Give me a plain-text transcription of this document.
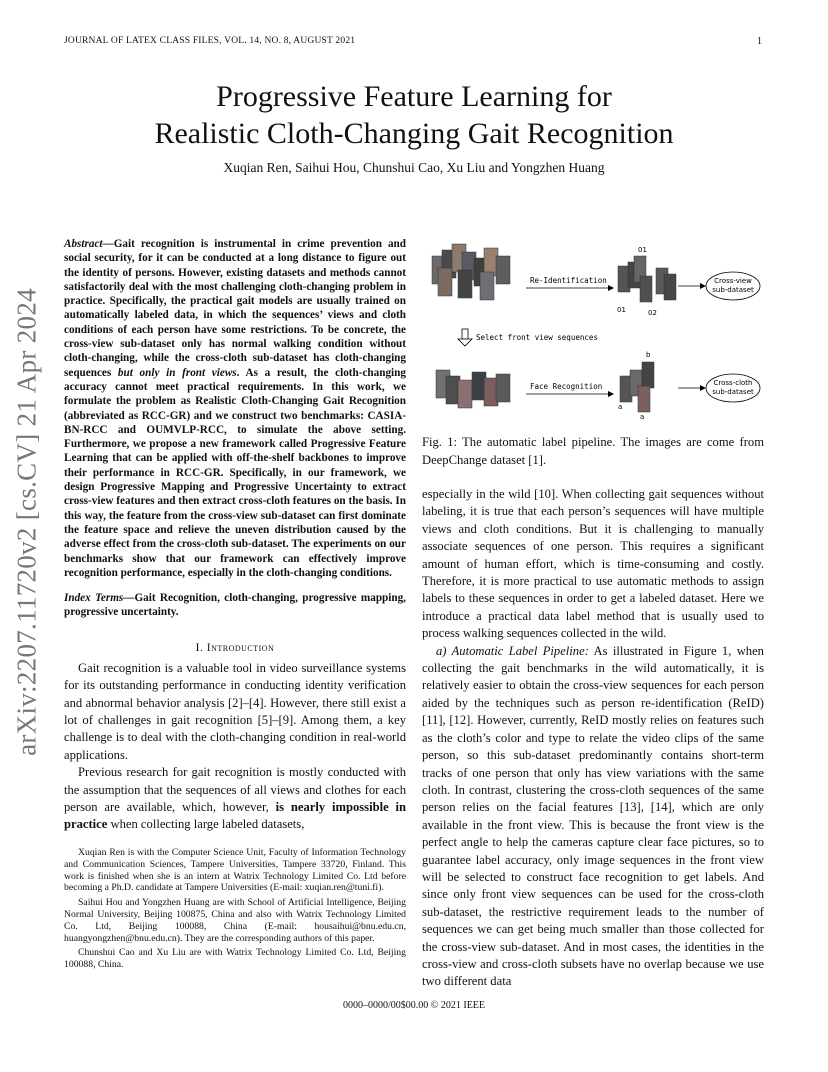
JOURNAL OF LATEX CLASS FILES, VOL. 14, NO. 8, AUGUST 2021	1
arXiv:2207.11720v2 [cs.CV] 21 Apr 2024
Progressive Feature Learning for
Realistic Cloth-Changing Gait Recognition
Xuqian Ren, Saihui Hou, Chunshui Cao, Xu Liu and Yongzhen Huang

Abstract—Gait recognition is instrumental in crime prevention and social security, for it can be conducted at a long distance to figure out the identity of persons. However, existing datasets and methods cannot satisfactorily deal with the most challenging cloth-changing problem in practice. Specifically, the practical gait models are usually trained on automatically labeled data, in which the sequences’ views and cloth conditions of each person have some restrictions. To be concrete, the cross-view sub-dataset only has normal walking condition without cloth-changing, while the cross-cloth sub-dataset has cloth-changing sequences but only in front views. As a result, the cloth-changing accuracy cannot meet practical requirements. In this work, we formulate the problem as Realistic Cloth-Changing Gait Recognition (abbreviated as RCC-GR) and we construct two benchmarks: CASIA-BN-RCC and OUMVLP-RCC, to simulate the above setting. Furthermore, we propose a new framework called Progressive Feature Learning that can be applied with off-the-shelf backbones to improve their performance in RCC-GR. Specifically, in our framework, we design Progressive Mapping and Progressive Uncertainty to extract cross-view features and then extract cross-cloth features on the basis. In this way, the feature from the cross-view sub-dataset can first dominate the feature space and relieve the uneven distribution caused by the adverse effect from the cross-cloth sub-dataset. The experiments on our benchmarks show that our framework can effectively improve recognition performance, especially in the cloth-changing conditions.

Index Terms—Gait Recognition, cloth-changing, progressive mapping, progressive uncertainty.

I. Introduction

Gait recognition is a valuable tool in video surveillance systems for its outstanding performance in conducting identity verification and abnormal behavior analysis [2]–[4]. However, there still exist a lot of challenges in gait recognition [5]–[9]. Among them, a key challenge is to deal with the cloth-changing condition in real-world applications.

Previous research for gait recognition is mostly conducted with the assumption that the sequences of all views and clothes for each person are available, which, however, is nearly impossible in practice when collecting large labeled datasets,

Xuqian Ren is with the Computer Science Unit, Faculty of Information Technology and Communication Sciences, Tampere Universities, Tampere 33720, Finland. This work is finished when she is an intern at Watrix Technology Limited Co. Ltd before becoming a Ph.D. candidate at Tampere Universities (E-mail: xuqian.ren@tuni.fi).

Saihui Hou and Yongzhen Huang are with School of Artificial Intelligence, Beijing Normal University, Beijing 100875, China and also with Watrix Technology Limited Co. Ltd, Beijing 100088, China (E-mail: housaihui@bnu.edu.cn, huangyongzhen@bnu.edu.cn). They are the corresponding authors of this paper.

Chunshui Cao and Xu Liu are with Watrix Technology Limited Co. Ltd, Beijing 100088, China.

Re-Identification
01
01	02
Cross-view
sub-dataset
Select front view sequences
Face Recognition
b
a
a
Cross-cloth
sub-dataset
Fig. 1: The automatic label pipeline. The images are come from DeepChange dataset [1].

especially in the wild [10]. When collecting gait sequences without labeling, it is true that each person’s sequences will have multiple views and cloth conditions. But it is challenging to manually associate sequences of one person. This requires a significant amount of human effort, which is time-consuming and costly. Therefore, it is more practical to use automatic methods to assign labels to these sequences in order to get a labeled dataset. Here we introduce a practical data label method that is usually used to process walking sequences collected in the wild.

a) Automatic Label Pipeline: As illustrated in Figure 1, when collecting the gait benchmarks in the wild automatically, it is relatively easier to obtain the cross-view sequences for each person aided by the techniques such as person re-identification (ReID) [11], [12]. However, currently, ReID mostly relies on features such as the cloth’s color and type to relate the video clips of the same person, so this sub-dataset predominantly contains short-term tracks of one person that only has view variations with the same cloth. In contrast, clustering the cross-cloth sequences of the same person relies on the facial features [13], [14], which are only available in the front view. This is because the front view is the perfect angle to help the cameras capture clear face pictures, so to guarantee label accuracy, only image sequences in the front view will be selected to construct face recognition to get labels. And since only front view sequences can be used for the cross-cloth sub-dataset, the restrictive requirement leads to the number of sequences we can get being much smaller than those collected for the cross-view sub-dataset. And in most cases, the identities in the cross-view and cross-cloth subsets have no overlap because we use two different data

0000–0000/00$00.00 © 2021 IEEE
